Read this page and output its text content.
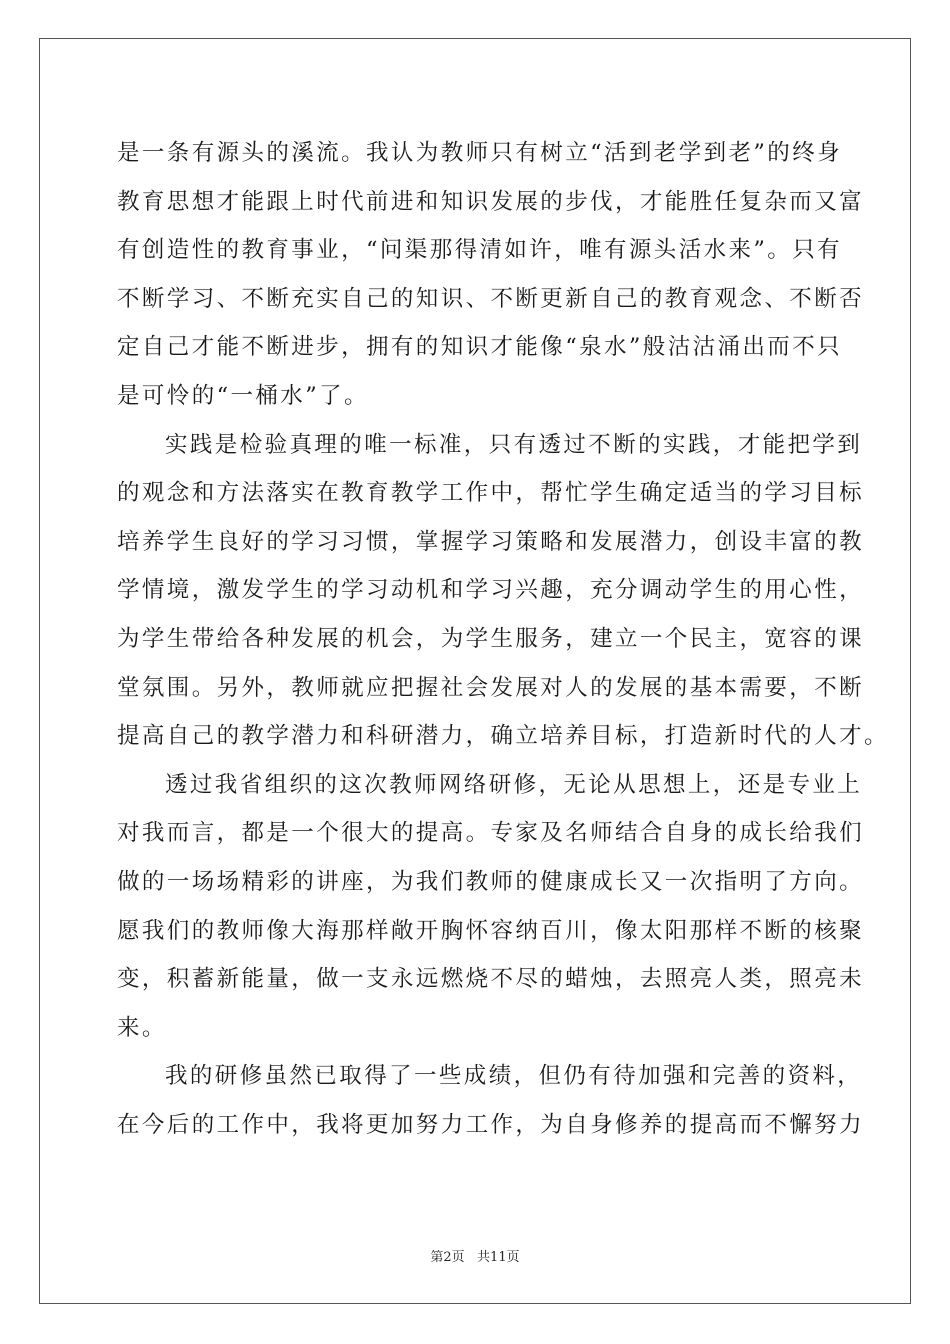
是一条有源头的溪流。我认为教师只有树立“活到老学到老”的终身
教育思想才能跟上时代前进和知识发展的步伐，才能胜任复杂而又富
有创造性的教育事业，“问渠那得清如许，唯有源头活水来”。只有
不断学习、不断充实自己的知识、不断更新自己的教育观念、不断否
定自己才能不断进步，拥有的知识才能像“泉水”般沽沽涌出而不只
是可怜的“一桶水”了。
实践是检验真理的唯一标准，只有透过不断的实践，才能把学到
的观念和方法落实在教育教学工作中，帮忙学生确定适当的学习目标
培养学生良好的学习习惯，掌握学习策略和发展潜力，创设丰富的教
学情境，激发学生的学习动机和学习兴趣，充分调动学生的用心性，
为学生带给各种发展的机会，为学生服务，建立一个民主，宽容的课
堂氛围。另外，教师就应把握社会发展对人的发展的基本需要，不断
提高自己的教学潜力和科研潜力，确立培养目标，打造新时代的人才。
透过我省组织的这次教师网络研修，无论从思想上，还是专业上
对我而言，都是一个很大的提高。专家及名师结合自身的成长给我们
做的一场场精彩的讲座，为我们教师的健康成长又一次指明了方向。
愿我们的教师像大海那样敞开胸怀容纳百川，像太阳那样不断的核聚
变，积蓄新能量，做一支永远燃烧不尽的蜡烛，去照亮人类，照亮未
来。
我的研修虽然已取得了一些成绩，但仍有待加强和完善的资料，
在今后的工作中，我将更加努力工作，为自身修养的提高而不懈努力
第2页   共11页
